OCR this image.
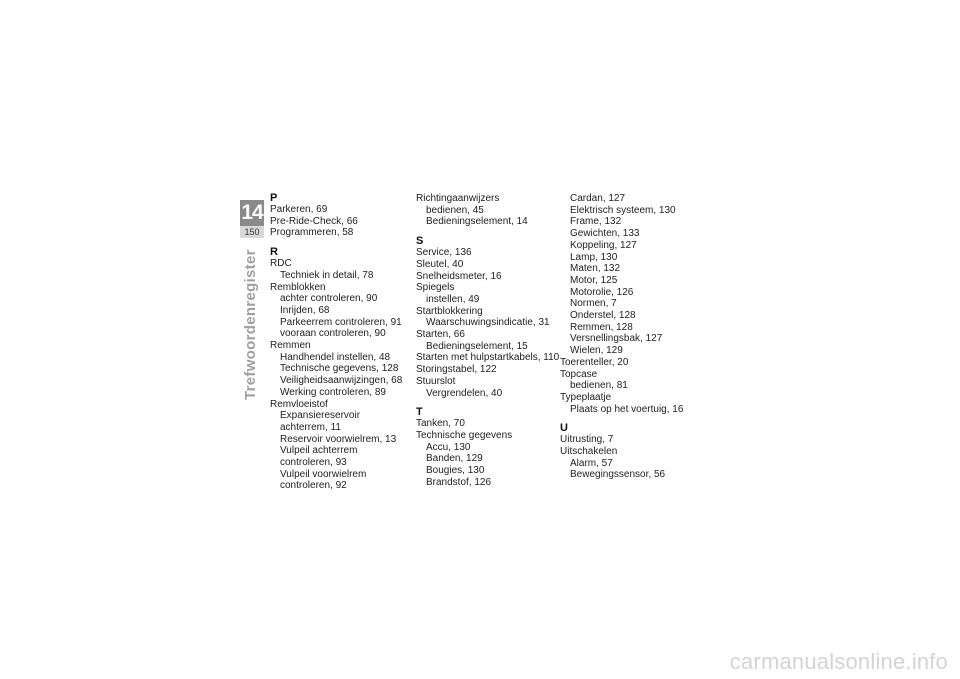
14
150
Trefwoordenregister
P
Parkeren, 69
Pre-Ride-Check, 66
Programmeren, 58
R
RDC
Techniek in detail, 78
Remblokken
achter controleren, 90
Inrijden, 68
Parkeerrem controleren, 91
vooraan controleren, 90
Remmen
Handhendel instellen, 48
Technische gegevens, 128
Veiligheidsaanwijzingen, 68
Werking controleren, 89
Remvloeistof
Expansiereservoir
achterrem, 11
Reservoir voorwielrem, 13
Vulpeil achterrem
controleren, 93
Vulpeil voorwielrem
controleren, 92
Richtingaanwijzers
bedienen, 45
Bedieningselement, 14
S
Service, 136
Sleutel, 40
Snelheidsmeter, 16
Spiegels
instellen, 49
Startblokkering
Waarschuwingsindicatie, 31
Starten, 66
Bedieningselement, 15
Starten met hulpstartkabels, 110
Storingstabel, 122
Stuurslot
Vergrendelen, 40
T
Tanken, 70
Technische gegevens
Accu, 130
Banden, 129
Bougies, 130
Brandstof, 126
Cardan, 127
Elektrisch systeem, 130
Frame, 132
Gewichten, 133
Koppeling, 127
Lamp, 130
Maten, 132
Motor, 125
Motorolie, 126
Normen, 7
Onderstel, 128
Remmen, 128
Versnellingsbak, 127
Wielen, 129
Toerenteller, 20
Topcase
bedienen, 81
Typeplaatje
Plaats op het voertuig, 16
U
Uitrusting, 7
Uitschakelen
Alarm, 57
Bewegingssensor, 56
carmanualsonline.info
